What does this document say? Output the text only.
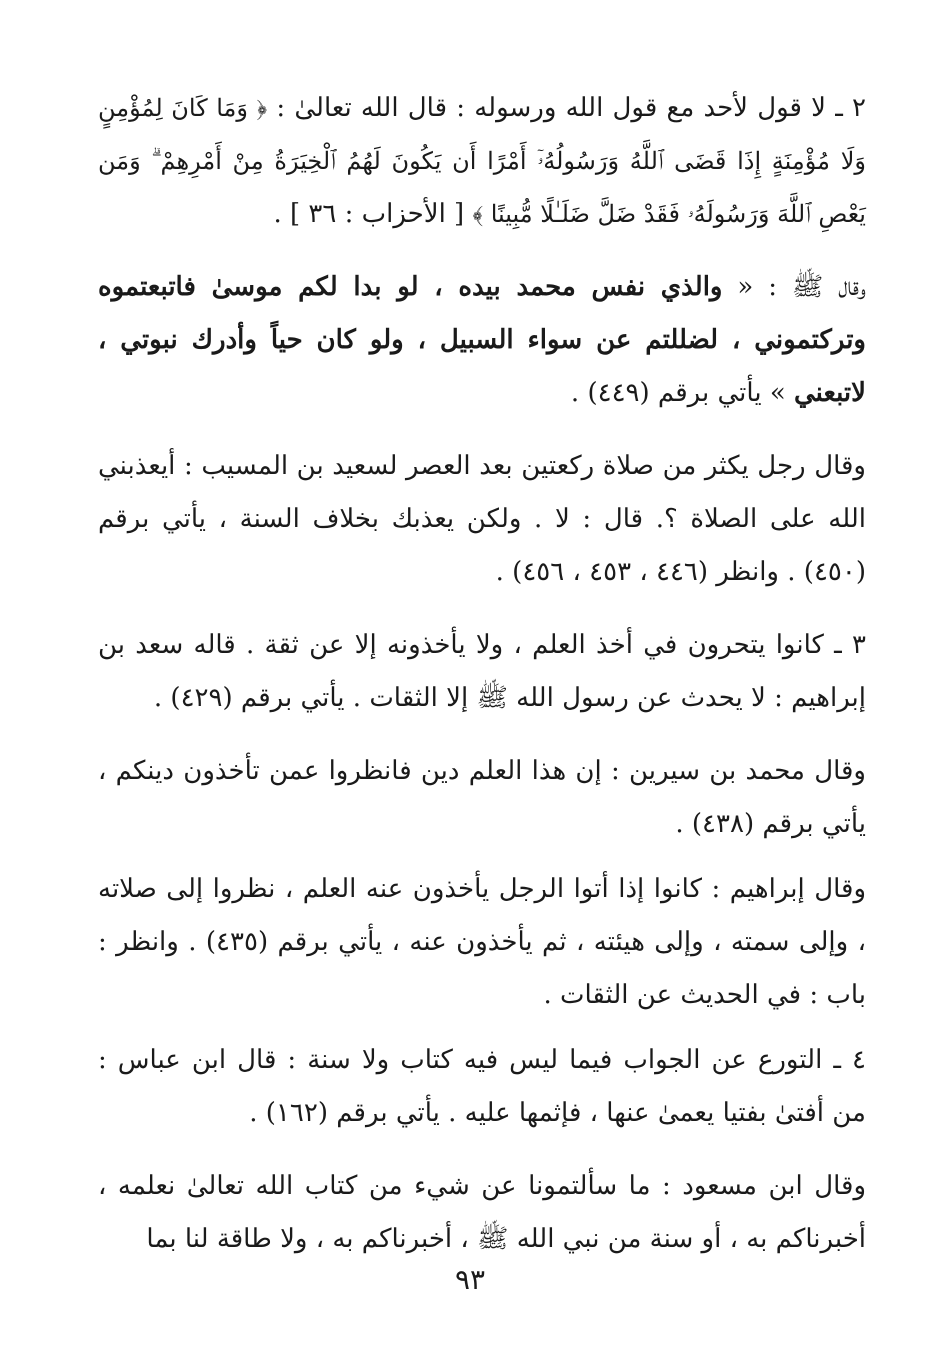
٢ ـ لا قول لأحد مع قول الله ورسوله : قال الله تعالىٰ : ﴿ وَمَا كَانَ لِمُؤْمِنٍ وَلَا مُؤْمِنَةٍ إِذَا قَضَى ٱللَّهُ وَرَسُولُهُۥٓ أَمْرًا أَن يَكُونَ لَهُمُ ٱلْخِيَرَةُ مِنْ أَمْرِهِمْ ۗ وَمَن يَعْصِ ٱللَّهَ وَرَسُولَهُۥ فَقَدْ ضَلَّ ضَلَـٰلًا مُّبِينًا ﴾ [ الأحزاب : ٣٦ ] .

وقال ﷺ : « والذي نفس محمد بيده ، لو بدا لكم موسىٰ فاتبعتموه وتركتموني ، لضللتم عن سواء السبيل ، ولو كان حياً وأدرك نبوتي ، لاتبعني » يأتي برقم (٤٤٩) .

وقال رجل يكثر من صلاة ركعتين بعد العصر لسعيد بن المسيب : أيعذبني الله على الصلاة ؟. قال : لا . ولكن يعذبك بخلاف السنة ، يأتي برقم (٤٥٠) . وانظر (٤٤٦ ، ٤٥٣ ، ٤٥٦) .

٣ ـ كانوا يتحرون في أخذ العلم ، ولا يأخذونه إلا عن ثقة . قاله سعد بن إبراهيم : لا يحدث عن رسول الله ﷺ إلا الثقات . يأتي برقم (٤٢٩) .

وقال محمد بن سيرين : إن هذا العلم دين فانظروا عمن تأخذون دينكم ، يأتي برقم (٤٣٨) .

وقال إبراهيم : كانوا إذا أتوا الرجل يأخذون عنه العلم ، نظروا إلى صلاته ، وإلى سمته ، وإلى هيئته ، ثم يأخذون عنه ، يأتي برقم (٤٣٥) . وانظر : باب : في الحديث عن الثقات .

٤ ـ التورع عن الجواب فيما ليس فيه كتاب ولا سنة : قال ابن عباس : من أفتىٰ بفتيا يعمىٰ عنها ، فإثمها عليه . يأتي برقم (١٦٢) .

وقال ابن مسعود : ما سألتمونا عن شيء من كتاب الله تعالىٰ نعلمه ، أخبرناكم به ، أو سنة من نبي الله ﷺ ، أخبرناكم به ، ولا طاقة لنا بما

٩٣
